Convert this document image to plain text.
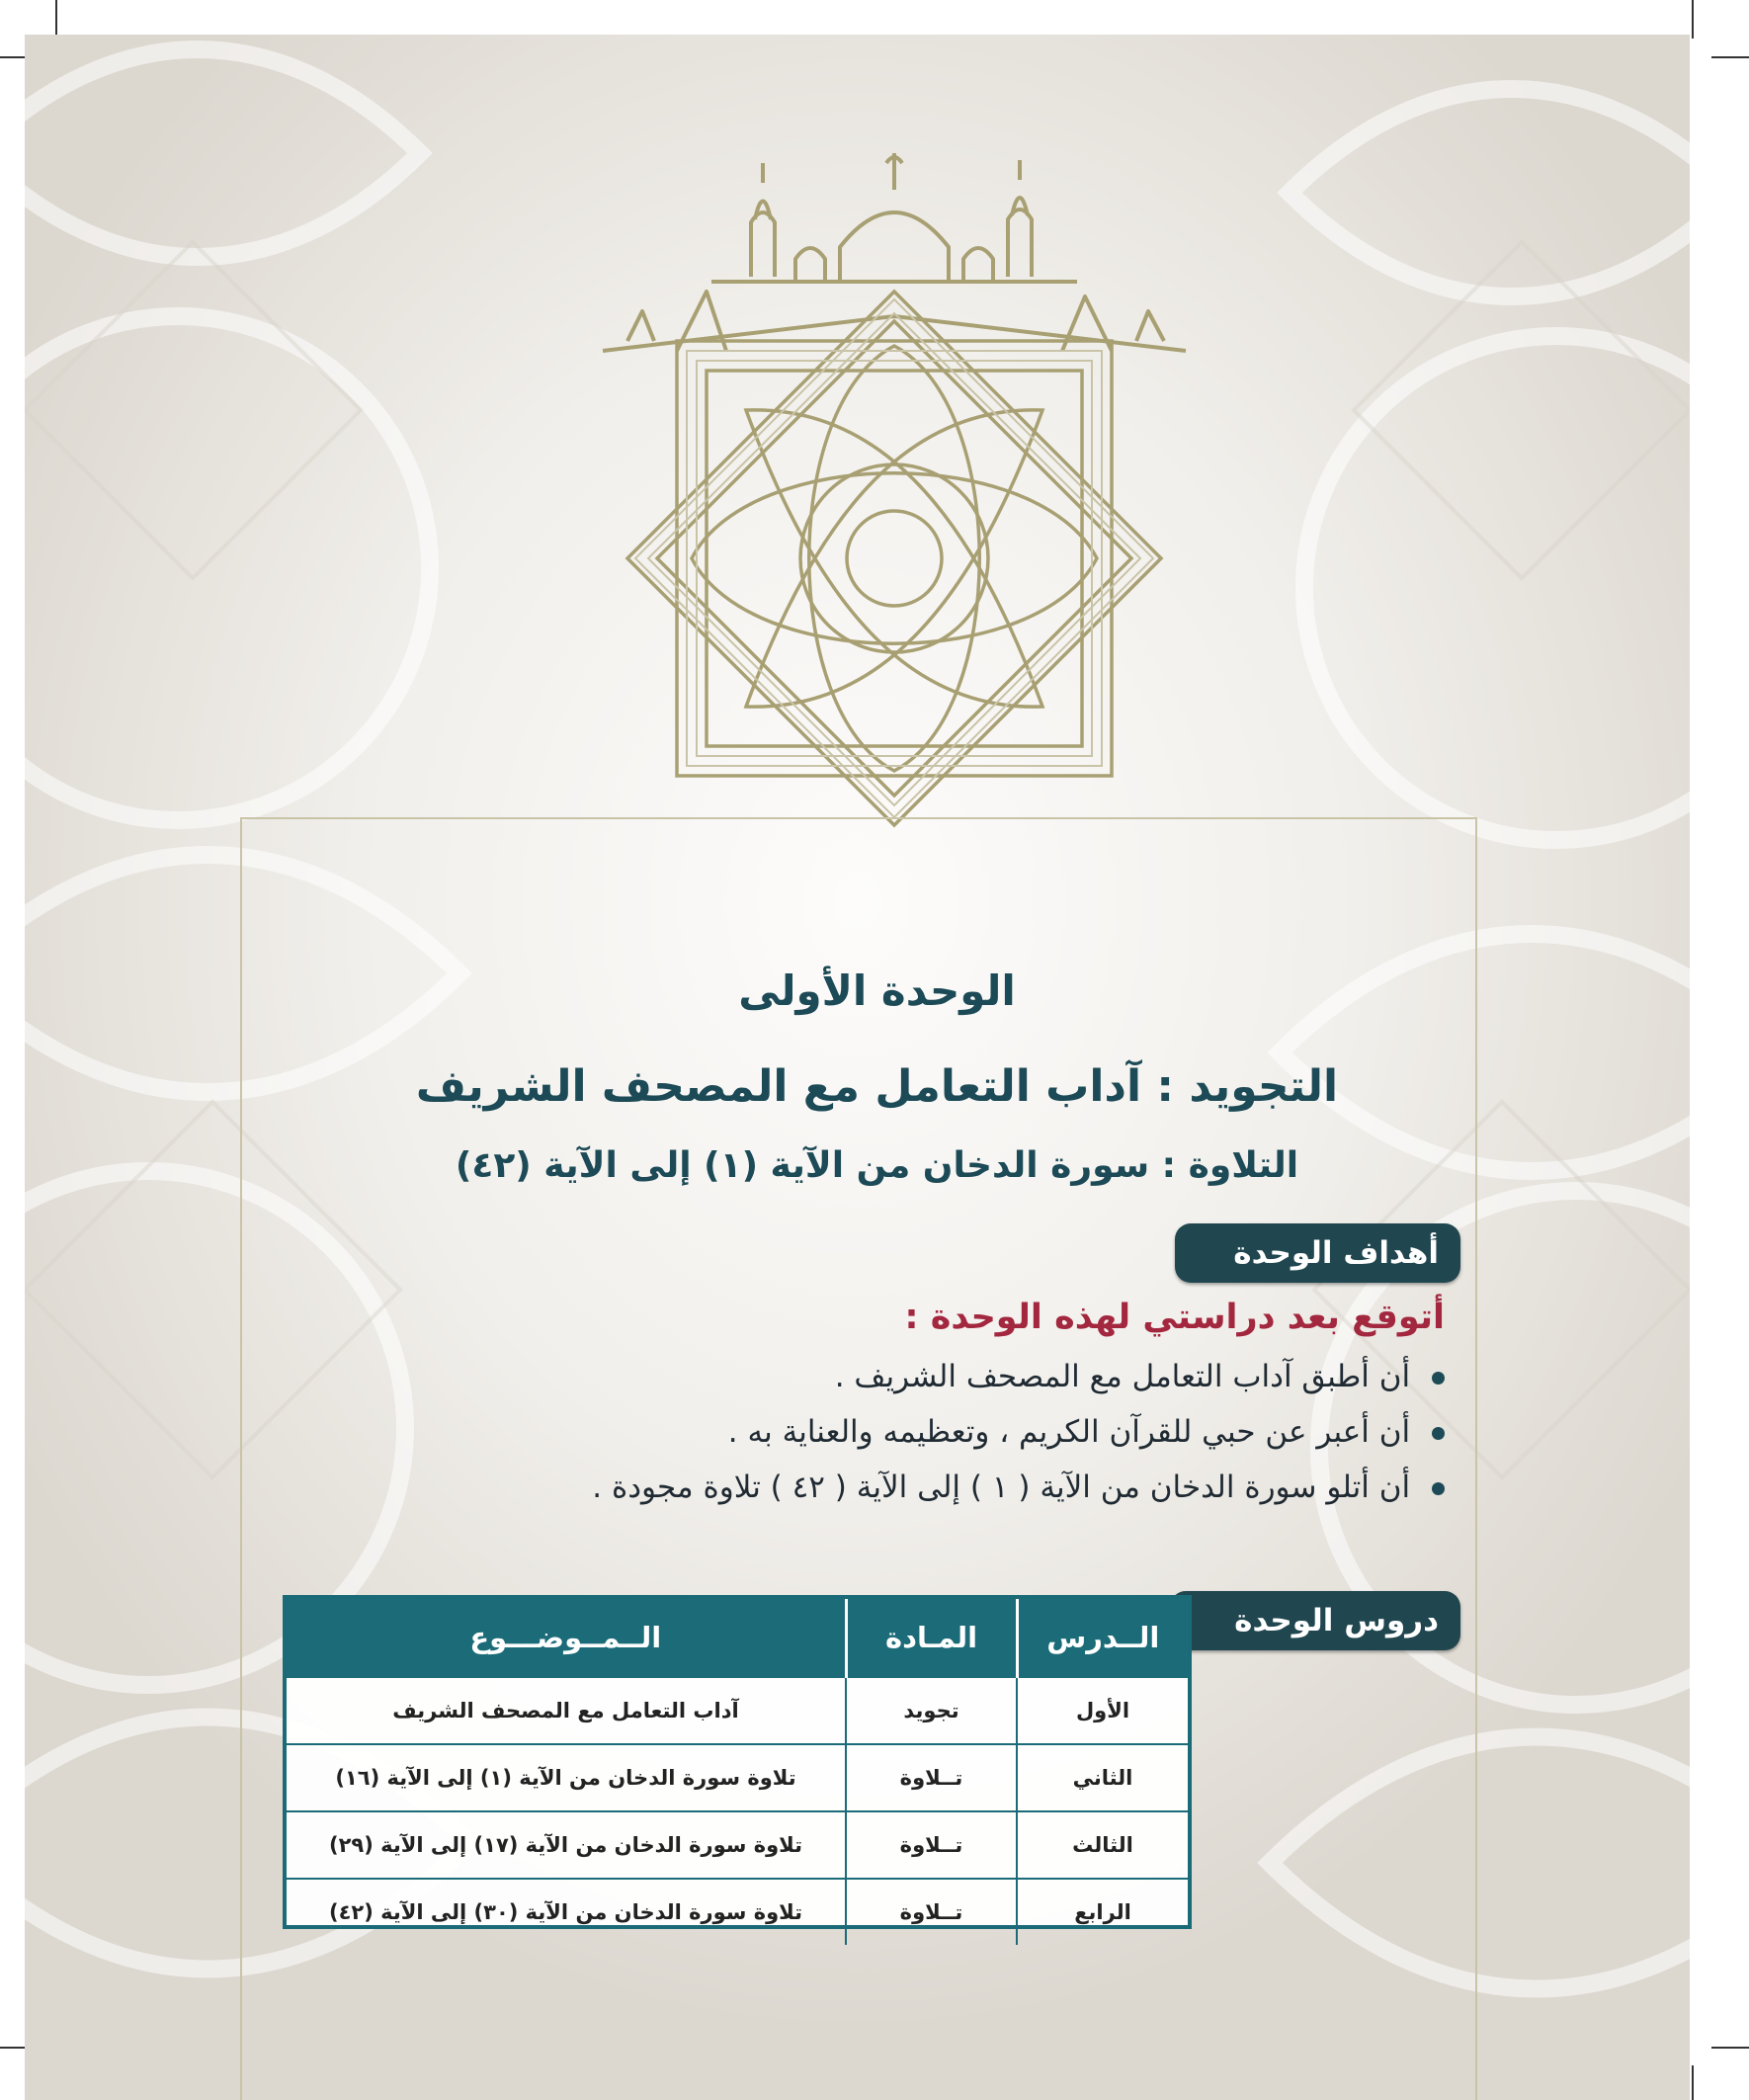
الوحدة الأولى
التجويد : آداب التعامل مع المصحف الشريف
التلاوة : سورة الدخان من الآية (١) إلى الآية (٤٢)
أهداف الوحدة
أتوقع بعد دراستي لهذه الوحدة :
أن أطبق آداب التعامل مع المصحف الشريف .
أن أعبر عن حبي للقرآن الكريم ، وتعظيمه والعناية به .
أن أتلو سورة الدخان من الآية ( ١ ) إلى الآية ( ٤٢ ) تلاوة مجودة .
دروس الوحدة
الــدرس	المـادة	الــمــوضـــوع
الأول	تجويد	آداب التعامل مع المصحف الشريف
الثاني	تــلاوة	تلاوة سورة الدخان من الآية (١) إلى الآية (١٦)
الثالث	تــلاوة	تلاوة سورة الدخان من الآية (١٧) إلى الآية (٢٩)
الرابع	تــلاوة	تلاوة سورة الدخان من الآية (٣٠) إلى الآية (٤٢)
